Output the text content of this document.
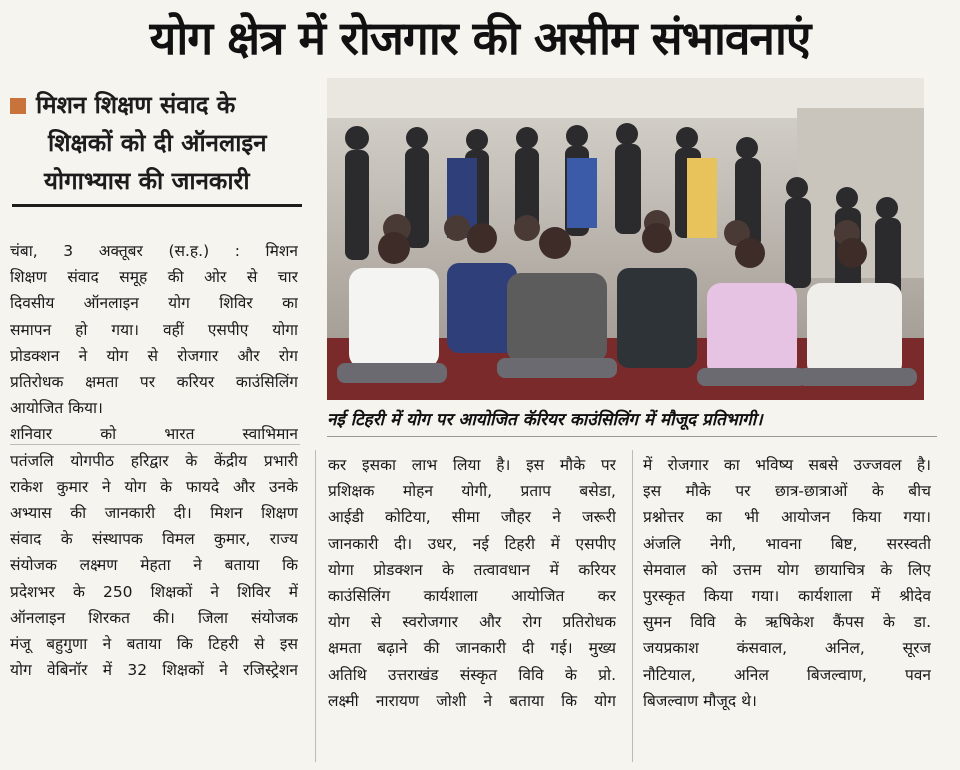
योग क्षेत्र में रोजगार की असीम संभावनाएं
मिशन शिक्षण संवाद के
शिक्षकों को दी ऑनलाइन
योगाभ्यास की जानकारी
नई टिहरी में योग पर आयोजित कॅरियर काउंसिलिंग में मौजूद प्रतिभागी।
चंबा, 3 अक्तूबर (स.ह.) : मिशन
शिक्षण संवाद समूह की ओर से चार
दिवसीय ऑनलाइन योग शिविर का
समापन हो गया। वहीं एसपीए योगा
प्रोडक्शन ने योग से रोजगार और रोग
प्रतिरोधक क्षमता पर करियर काउंसिलिंग
आयोजित किया।
शनिवार को भारत स्वाभिमान
पतंजलि योगपीठ हरिद्वार के केंद्रीय प्रभारी
राकेश कुमार ने योग के फायदे और उनके
अभ्यास की जानकारी दी। मिशन शिक्षण
संवाद के संस्थापक विमल कुमार, राज्य
संयोजक लक्ष्मण मेहता ने बताया कि
प्रदेशभर के 250 शिक्षकों ने शिविर में
ऑनलाइन शिरकत की। जिला संयोजक
मंजू बहुगुणा ने बताया कि टिहरी से इस
योग वेबिनॉर में 32 शिक्षकों ने रजिस्ट्रेशन
कर इसका लाभ लिया है। इस मौके पर
प्रशिक्षक मोहन योगी, प्रताप बसेडा,
आईडी कोटिया, सीमा जौहर ने जरूरी
जानकारी दी। उधर, नई टिहरी में एसपीए
योगा प्रोडक्शन के तत्वावधान में करियर
काउंसिलिंग कार्यशाला आयोजित कर
योग से स्वरोजगार और रोग प्रतिरोधक
क्षमता बढ़ाने की जानकारी दी गई। मुख्य
अतिथि उत्तराखंड संस्कृत विवि के प्रो.
लक्ष्मी नारायण जोशी ने बताया कि योग
में रोजगार का भविष्य सबसे उज्जवल है।
इस मौके पर छात्र-छात्राओं के बीच
प्रश्नोत्तर का भी आयोजन किया गया।
अंजलि नेगी, भावना बिष्ट, सरस्वती
सेमवाल को उत्तम योग छायाचित्र के लिए
पुरस्कृत किया गया। कार्यशाला में श्रीदेव
सुमन विवि के ऋषिकेश कैंपस के डा.
जयप्रकाश कंसवाल, अनिल, सूरज
नौटियाल, अनिल बिजल्वाण, पवन
बिजल्वाण मौजूद थे।
